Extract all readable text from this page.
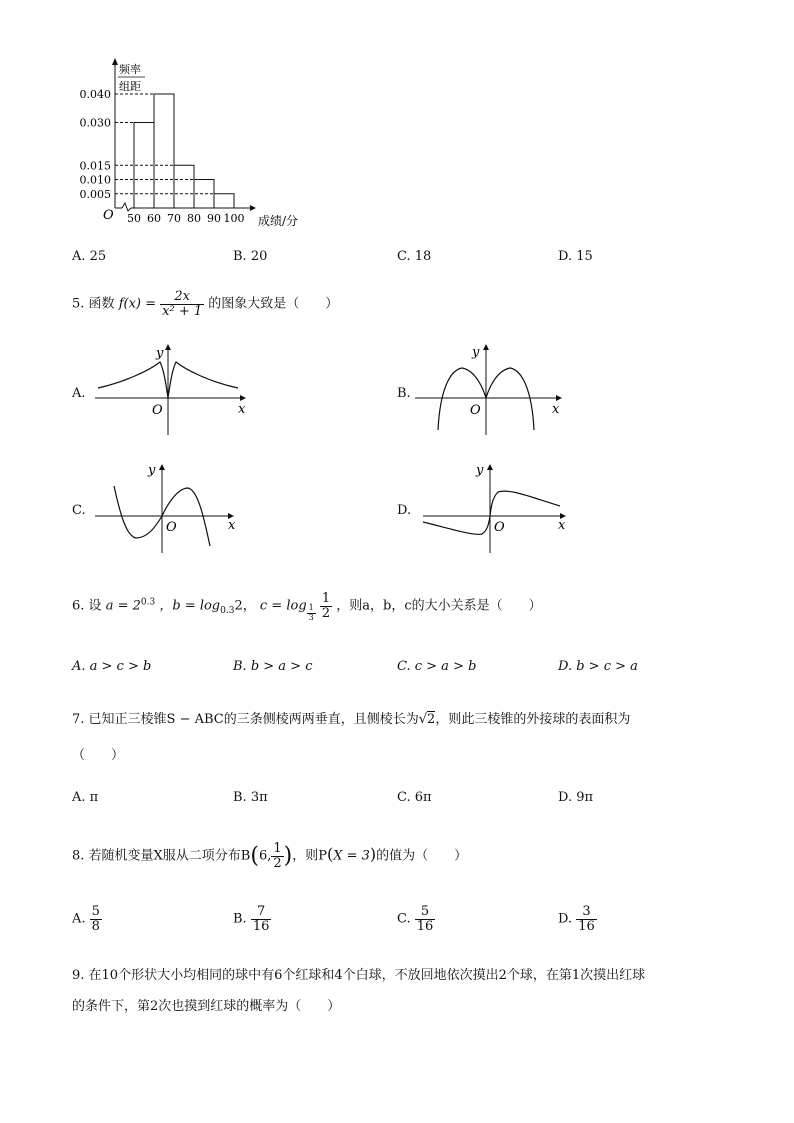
频率
组距
O	成绩/分
0.005
0.010
0.015
0.030
0.040
50 60 70 80 90 100
A. 25	B. 20	C. 18	D. 15
5. 函数 $f(x) = \frac{2x}{\text{x² + 1}}$ 的图象大致是（　　）
A.
y
x
O
B.
y
x
O
C.
y
x
O
D.
y
x
O
6. 设 $a = 2^{0.3}$ ，$b = \log_{0.3}2$， $c = \log \frac{1}{3}$
$\frac{1}{2}$ ，则a，b，c的大小关系是（　　）
A. a > c > b	B. b > a > c	C. c > a > b	D. b > c > a
7. 已知正三棱锥S − ABC的三条侧棱两两垂直，且侧棱长为√2，则此三棱锥的外接球的表面积为
（　　）
A. π	B. 3π	C. 6π	D. 9π
8. 若随机变量X服从二项分布B(6, $\frac{1}{2}$ )，则P(X = 3)的值为（　　）
A. $\frac{5}{8}$	B. $\frac{7}{16}$	C. $\frac{5}{16}$	D. $\frac{3}{16}$
9. 在10个形状大小均相同的球中有6个红球和4个白球，不放回地依次摸出2个球，在第1次摸出红球
的条件下，第2次也摸到红球的概率为（　　）
